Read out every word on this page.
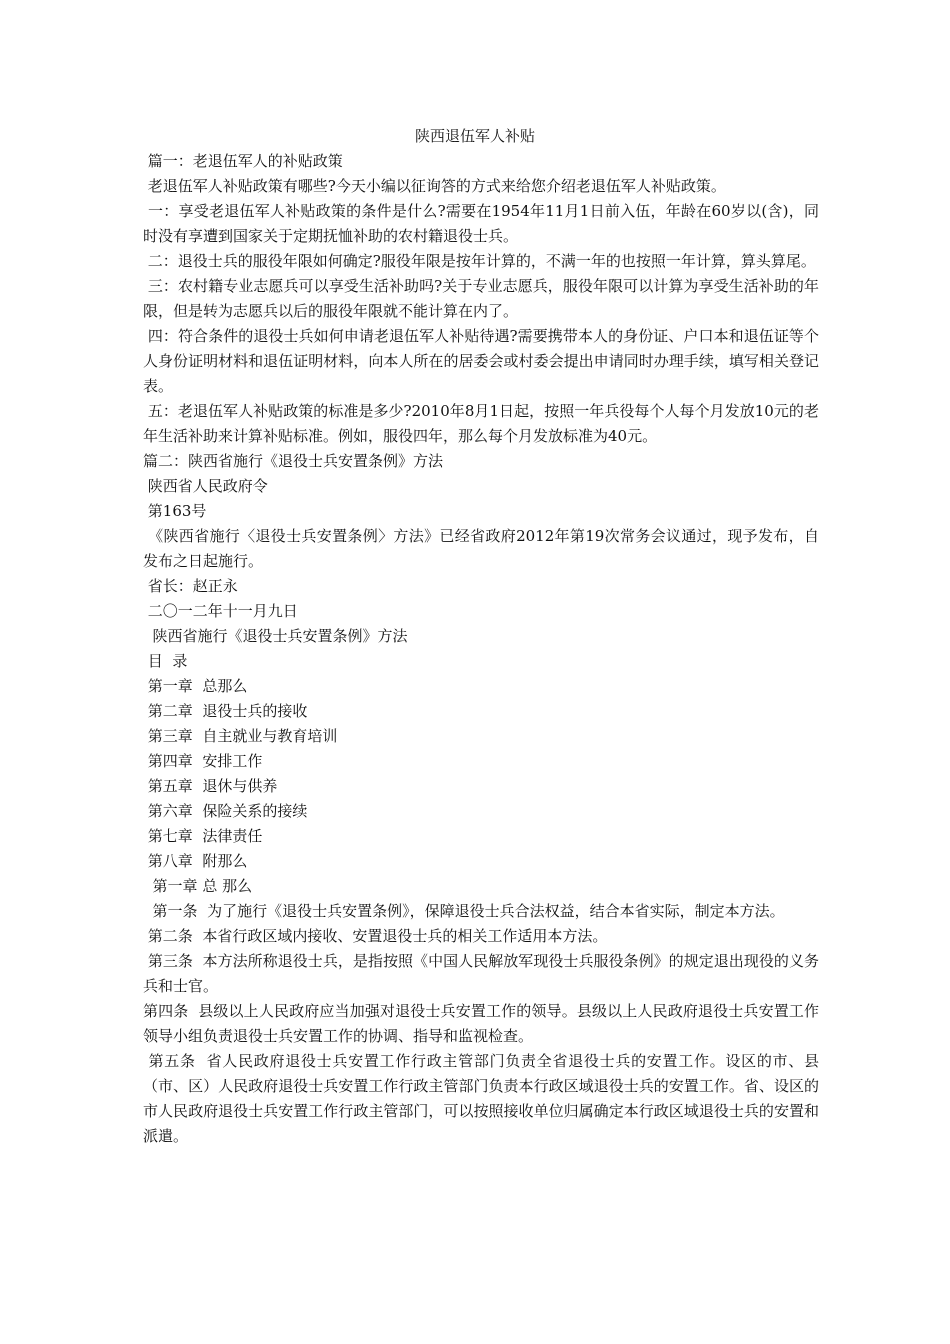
陕西退伍军人补贴

篇一：老退伍军人的补贴政策

老退伍军人补贴政策有哪些?今天小编以征询答的方式来给您介绍老退伍军人补贴政策。

一：享受老退伍军人补贴政策的条件是什么?需要在1954年11月1日前入伍，年龄在60岁以(含)，同时没有享遭到国家关于定期抚恤补助的农村籍退役士兵。

二：退役士兵的服役年限如何确定?服役年限是按年计算的，不满一年的也按照一年计算，算头算尾。

三：农村籍专业志愿兵可以享受生活补助吗?关于专业志愿兵，服役年限可以计算为享受生活补助的年限，但是转为志愿兵以后的服役年限就不能计算在内了。

四：符合条件的退役士兵如何申请老退伍军人补贴待遇?需要携带本人的身份证、户口本和退伍证等个人身份证明材料和退伍证明材料，向本人所在的居委会或村委会提出申请同时办理手续，填写相关登记表。

五：老退伍军人补贴政策的标准是多少?2010年8月1日起，按照一年兵役每个人每个月发放10元的老年生活补助来计算补贴标准。例如，服役四年，那么每个月发放标准为40元。

篇二：陕西省施行《退役士兵安置条例》方法

陕西省人民政府令

第163号

《陕西省施行〈退役士兵安置条例〉方法》已经省政府2012年第19次常务会议通过，现予发布，自发布之日起施行。

省长：赵正永

二〇一二年十一月九日

陕西省施行《退役士兵安置条例》方法

目  录

第一章  总那么

第二章  退役士兵的接收

第三章  自主就业与教育培训

第四章  安排工作

第五章  退休与供养

第六章  保险关系的接续

第七章  法律责任

第八章  附那么

第一章 总 那么

第一条  为了施行《退役士兵安置条例》，保障退役士兵合法权益，结合本省实际，制定本方法。

第二条  本省行政区域内接收、安置退役士兵的相关工作适用本方法。

第三条  本方法所称退役士兵，是指按照《中国人民解放军现役士兵服役条例》的规定退出现役的义务兵和士官。

第四条  县级以上人民政府应当加强对退役士兵安置工作的领导。县级以上人民政府退役士兵安置工作领导小组负责退役士兵安置工作的协调、指导和监视检查。

第五条  省人民政府退役士兵安置工作行政主管部门负责全省退役士兵的安置工作。设区的市、县（市、区）人民政府退役士兵安置工作行政主管部门负责本行政区域退役士兵的安置工作。省、设区的市人民政府退役士兵安置工作行政主管部门，可以按照接收单位归属确定本行政区域退役士兵的安置和派遣。
